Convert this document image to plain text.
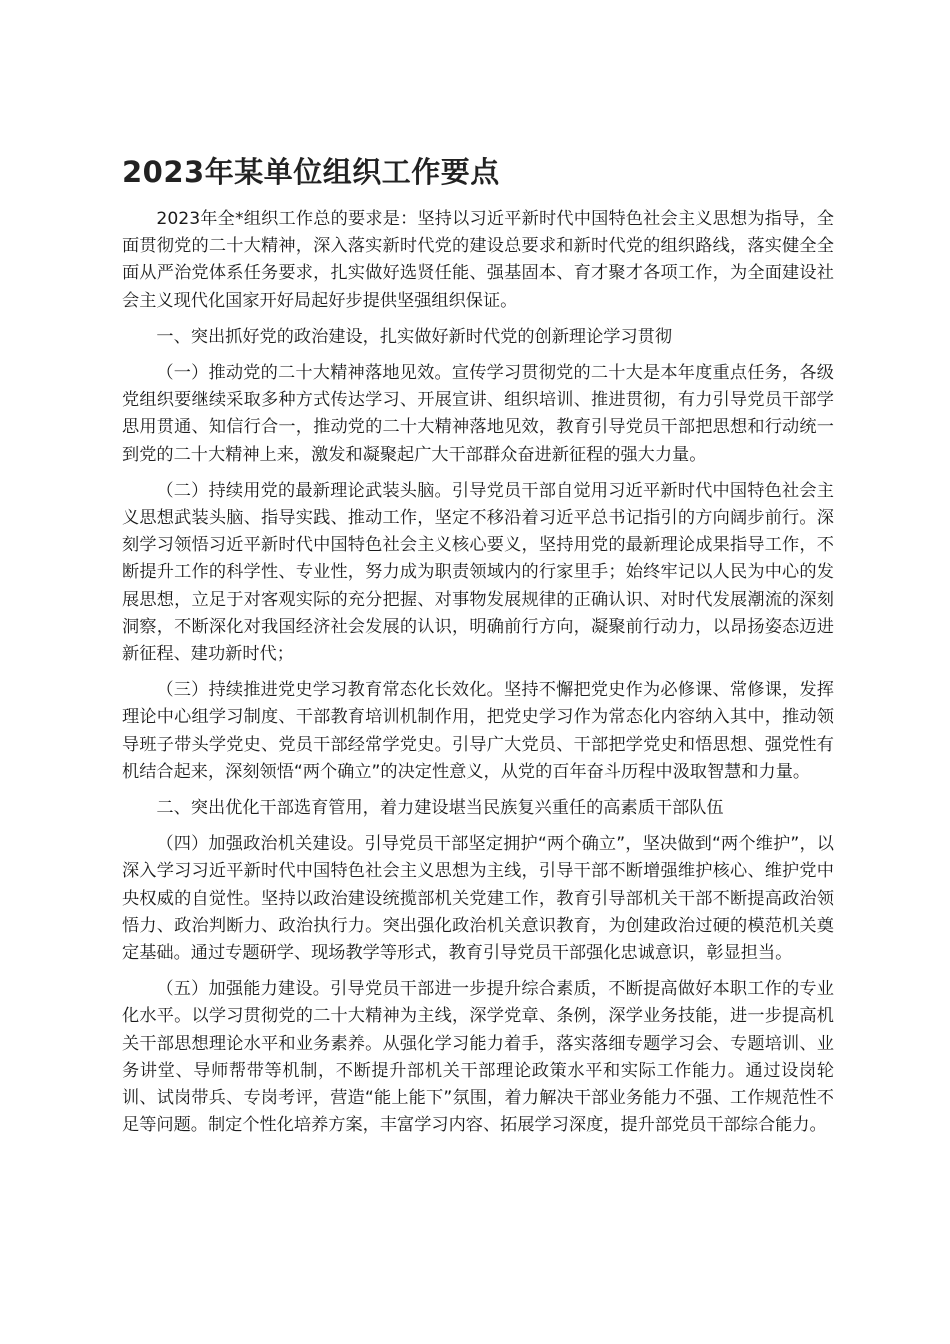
2023年某单位组织工作要点

2023年全*组织工作总的要求是：坚持以习近平新时代中国特色社会主义思想为指导，全面贯彻党的二十大精神，深入落实新时代党的建设总要求和新时代党的组织路线，落实健全全面从严治党体系任务要求，扎实做好选贤任能、强基固本、育才聚才各项工作，为全面建设社会主义现代化国家开好局起好步提供坚强组织保证。

一、突出抓好党的政治建设，扎实做好新时代党的创新理论学习贯彻

（一）推动党的二十大精神落地见效。宣传学习贯彻党的二十大是本年度重点任务，各级党组织要继续采取多种方式传达学习、开展宣讲、组织培训、推进贯彻，有力引导党员干部学思用贯通、知信行合一，推动党的二十大精神落地见效，教育引导党员干部把思想和行动统一到党的二十大精神上来，激发和凝聚起广大干部群众奋进新征程的强大力量。

（二）持续用党的最新理论武装头脑。引导党员干部自觉用习近平新时代中国特色社会主义思想武装头脑、指导实践、推动工作，坚定不移沿着习近平总书记指引的方向阔步前行。深刻学习领悟习近平新时代中国特色社会主义核心要义，坚持用党的最新理论成果指导工作，不断提升工作的科学性、专业性，努力成为职责领域内的行家里手；始终牢记以人民为中心的发展思想，立足于对客观实际的充分把握、对事物发展规律的正确认识、对时代发展潮流的深刻洞察，不断深化对我国经济社会发展的认识，明确前行方向，凝聚前行动力，以昂扬姿态迈进新征程、建功新时代；

（三）持续推进党史学习教育常态化长效化。坚持不懈把党史作为必修课、常修课，发挥理论中心组学习制度、干部教育培训机制作用，把党史学习作为常态化内容纳入其中，推动领导班子带头学党史、党员干部经常学党史。引导广大党员、干部把学党史和悟思想、强党性有机结合起来，深刻领悟“两个确立”的决定性意义，从党的百年奋斗历程中汲取智慧和力量。

二、突出优化干部选育管用，着力建设堪当民族复兴重任的高素质干部队伍

（四）加强政治机关建设。引导党员干部坚定拥护“两个确立”，坚决做到“两个维护”，以深入学习习近平新时代中国特色社会主义思想为主线，引导干部不断增强维护核心、维护党中央权威的自觉性。坚持以政治建设统揽部机关党建工作，教育引导部机关干部不断提高政治领悟力、政治判断力、政治执行力。突出强化政治机关意识教育，为创建政治过硬的模范机关奠定基础。通过专题研学、现场教学等形式，教育引导党员干部强化忠诚意识，彰显担当。

（五）加强能力建设。引导党员干部进一步提升综合素质，不断提高做好本职工作的专业化水平。以学习贯彻党的二十大精神为主线，深学党章、条例，深学业务技能，进一步提高机关干部思想理论水平和业务素养。从强化学习能力着手，落实落细专题学习会、专题培训、业务讲堂、导师帮带等机制，不断提升部机关干部理论政策水平和实际工作能力。通过设岗轮训、试岗带兵、专岗考评，营造“能上能下”氛围，着力解决干部业务能力不强、工作规范性不足等问题。制定个性化培养方案，丰富学习内容、拓展学习深度，提升部党员干部综合能力。
